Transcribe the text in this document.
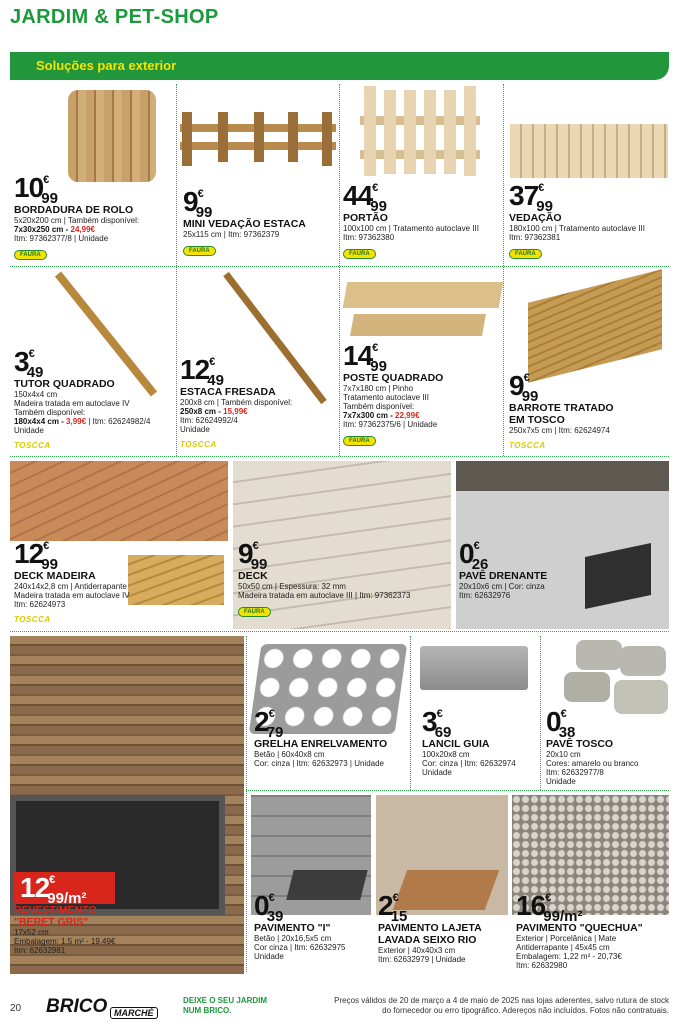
JARDIM & PET-SHOP
Soluções para exterior
10€99
BORDADURA DE ROLO
5x20x200 cm | Também disponível:
7x30x250 cm - 24,99€
Itm: 97362377/8 | Unidade
FAURA
9€99
MINI VEDAÇÃO ESTACA
25x115 cm | Itm: 97362379
FAURA
44€99
PORTÃO
100x100 cm | Tratamento autoclave III
Itm: 97362380
FAURA
37€99
VEDAÇÃO
180x100 cm | Tratamento autoclave III
Itm: 97362381
FAURA
3€49
TUTOR QUADRADO
150x4x4 cm
Madeira tratada em autoclave IV
Também disponível:
180x4x4 cm - 3,99€ | Itm: 62624982/4
Unidade
TOSCCA
12€49
ESTACA FRESADA
200x8 cm | Também disponível:
250x8 cm - 15,99€
Itm: 62624992/4
Unidade
TOSCCA
14€99
POSTE QUADRADO
7x7x180 cm | Pinho
Tratamento autoclave III
Também disponível:
7x7x300 cm - 22,99€
Itm: 97362375/6 | Unidade
FAURA
9€99
BARROTE TRATADO
EM TOSCO
250x7x5 cm | Itm: 62624974
TOSCCA
12€99
DECK MADEIRA
240x14x2,8 cm | Antiderrapante
Madeira tratada em autoclave IV
Itm: 62624973
TOSCCA
9€99
DECK
50x50 cm | Espessura: 32 mm
Madeira tratada em autoclave III | Itm: 97362373
FAURA
0€26
PAVÊ DRENANTE
20x10x6 cm | Cor: cinza
Itm: 62632976
2€79
GRELHA ENRELVAMENTO
Betão | 60x40x8 cm
Cor: cinza | Itm: 62632973 | Unidade
3€69
LANCIL GUIA
100x20x8 cm
Cor: cinza | Itm: 62632974
Unidade
0€38
PAVÊ TOSCO
20x10 cm
Cores: amarelo ou branco
Itm: 62632977/8
Unidade
12€99/m²
REVESTIMENTO
"BERET GRIS"
17x52 cm
Embalagem: 1,5 m² - 19,49€
Itm: 62632981
0€39
PAVIMENTO "I"
Betão | 20x16,5x5 cm
Cor cinza | Itm: 62632975
Unidade
2€15
PAVIMENTO LAJETA
LAVADA SEIXO RIO
Exterior | 40x40x3 cm
Itm: 62632979 | Unidade
16€99/m²
PAVIMENTO "QUECHUA"
Exterior | Porcelânica | Mate
Antiderrapante | 45x45 cm
Embalagem: 1,22 m² - 20,73€
Itm: 62632980
20 BRICO MARCHÉ
DEIXE O SEU JARDIM
NUM BRICO.
Preços válidos de 20 de março a 4 de maio de 2025 nas lojas aderentes, salvo rutura de stock
do fornecedor ou erro tipográfico. Adereços não incluídos. Fotos não contratuais.
